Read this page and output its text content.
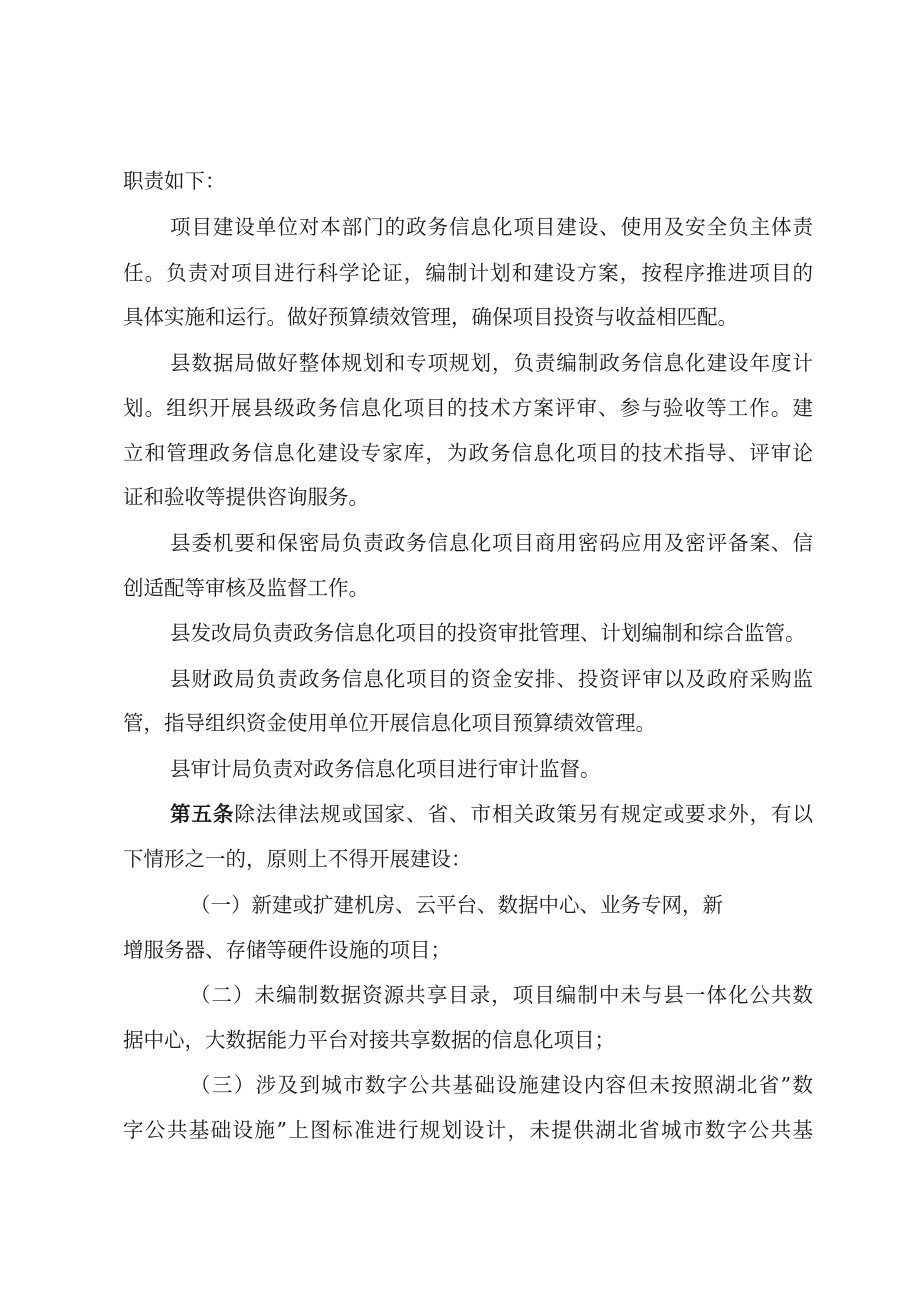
职责如下：
项目建设单位对本部门的政务信息化项目建设、使用及安全负主体责
任。负责对项目进行科学论证，编制计划和建设方案，按程序推进项目的
具体实施和运行。做好预算绩效管理，确保项目投资与收益相匹配。
县数据局做好整体规划和专项规划，负责编制政务信息化建设年度计
划。组织开展县级政务信息化项目的技术方案评审、参与验收等工作。建
立和管理政务信息化建设专家库，为政务信息化项目的技术指导、评审论
证和验收等提供咨询服务。
县委机要和保密局负责政务信息化项目商用密码应用及密评备案、信
创适配等审核及监督工作。
县发改局负责政务信息化项目的投资审批管理、计划编制和综合监管。
县财政局负责政务信息化项目的资金安排、投资评审以及政府采购监
管，指导组织资金使用单位开展信息化项目预算绩效管理。
县审计局负责对政务信息化项目进行审计监督。
第五条除法律法规或国家、省、市相关政策另有规定或要求外，有以
下情形之一的，原则上不得开展建设：
（一）新建或扩建机房、云平台、数据中心、业务专网，新
增服务器、存储等硬件设施的项目；
（二）未编制数据资源共享目录，项目编制中未与县一体化公共数
据中心，大数据能力平台对接共享数据的信息化项目；
（三）涉及到城市数字公共基础设施建设内容但未按照湖北省”数
字公共基础设施”上图标准进行规划设计，未提供湖北省城市数字公共基
